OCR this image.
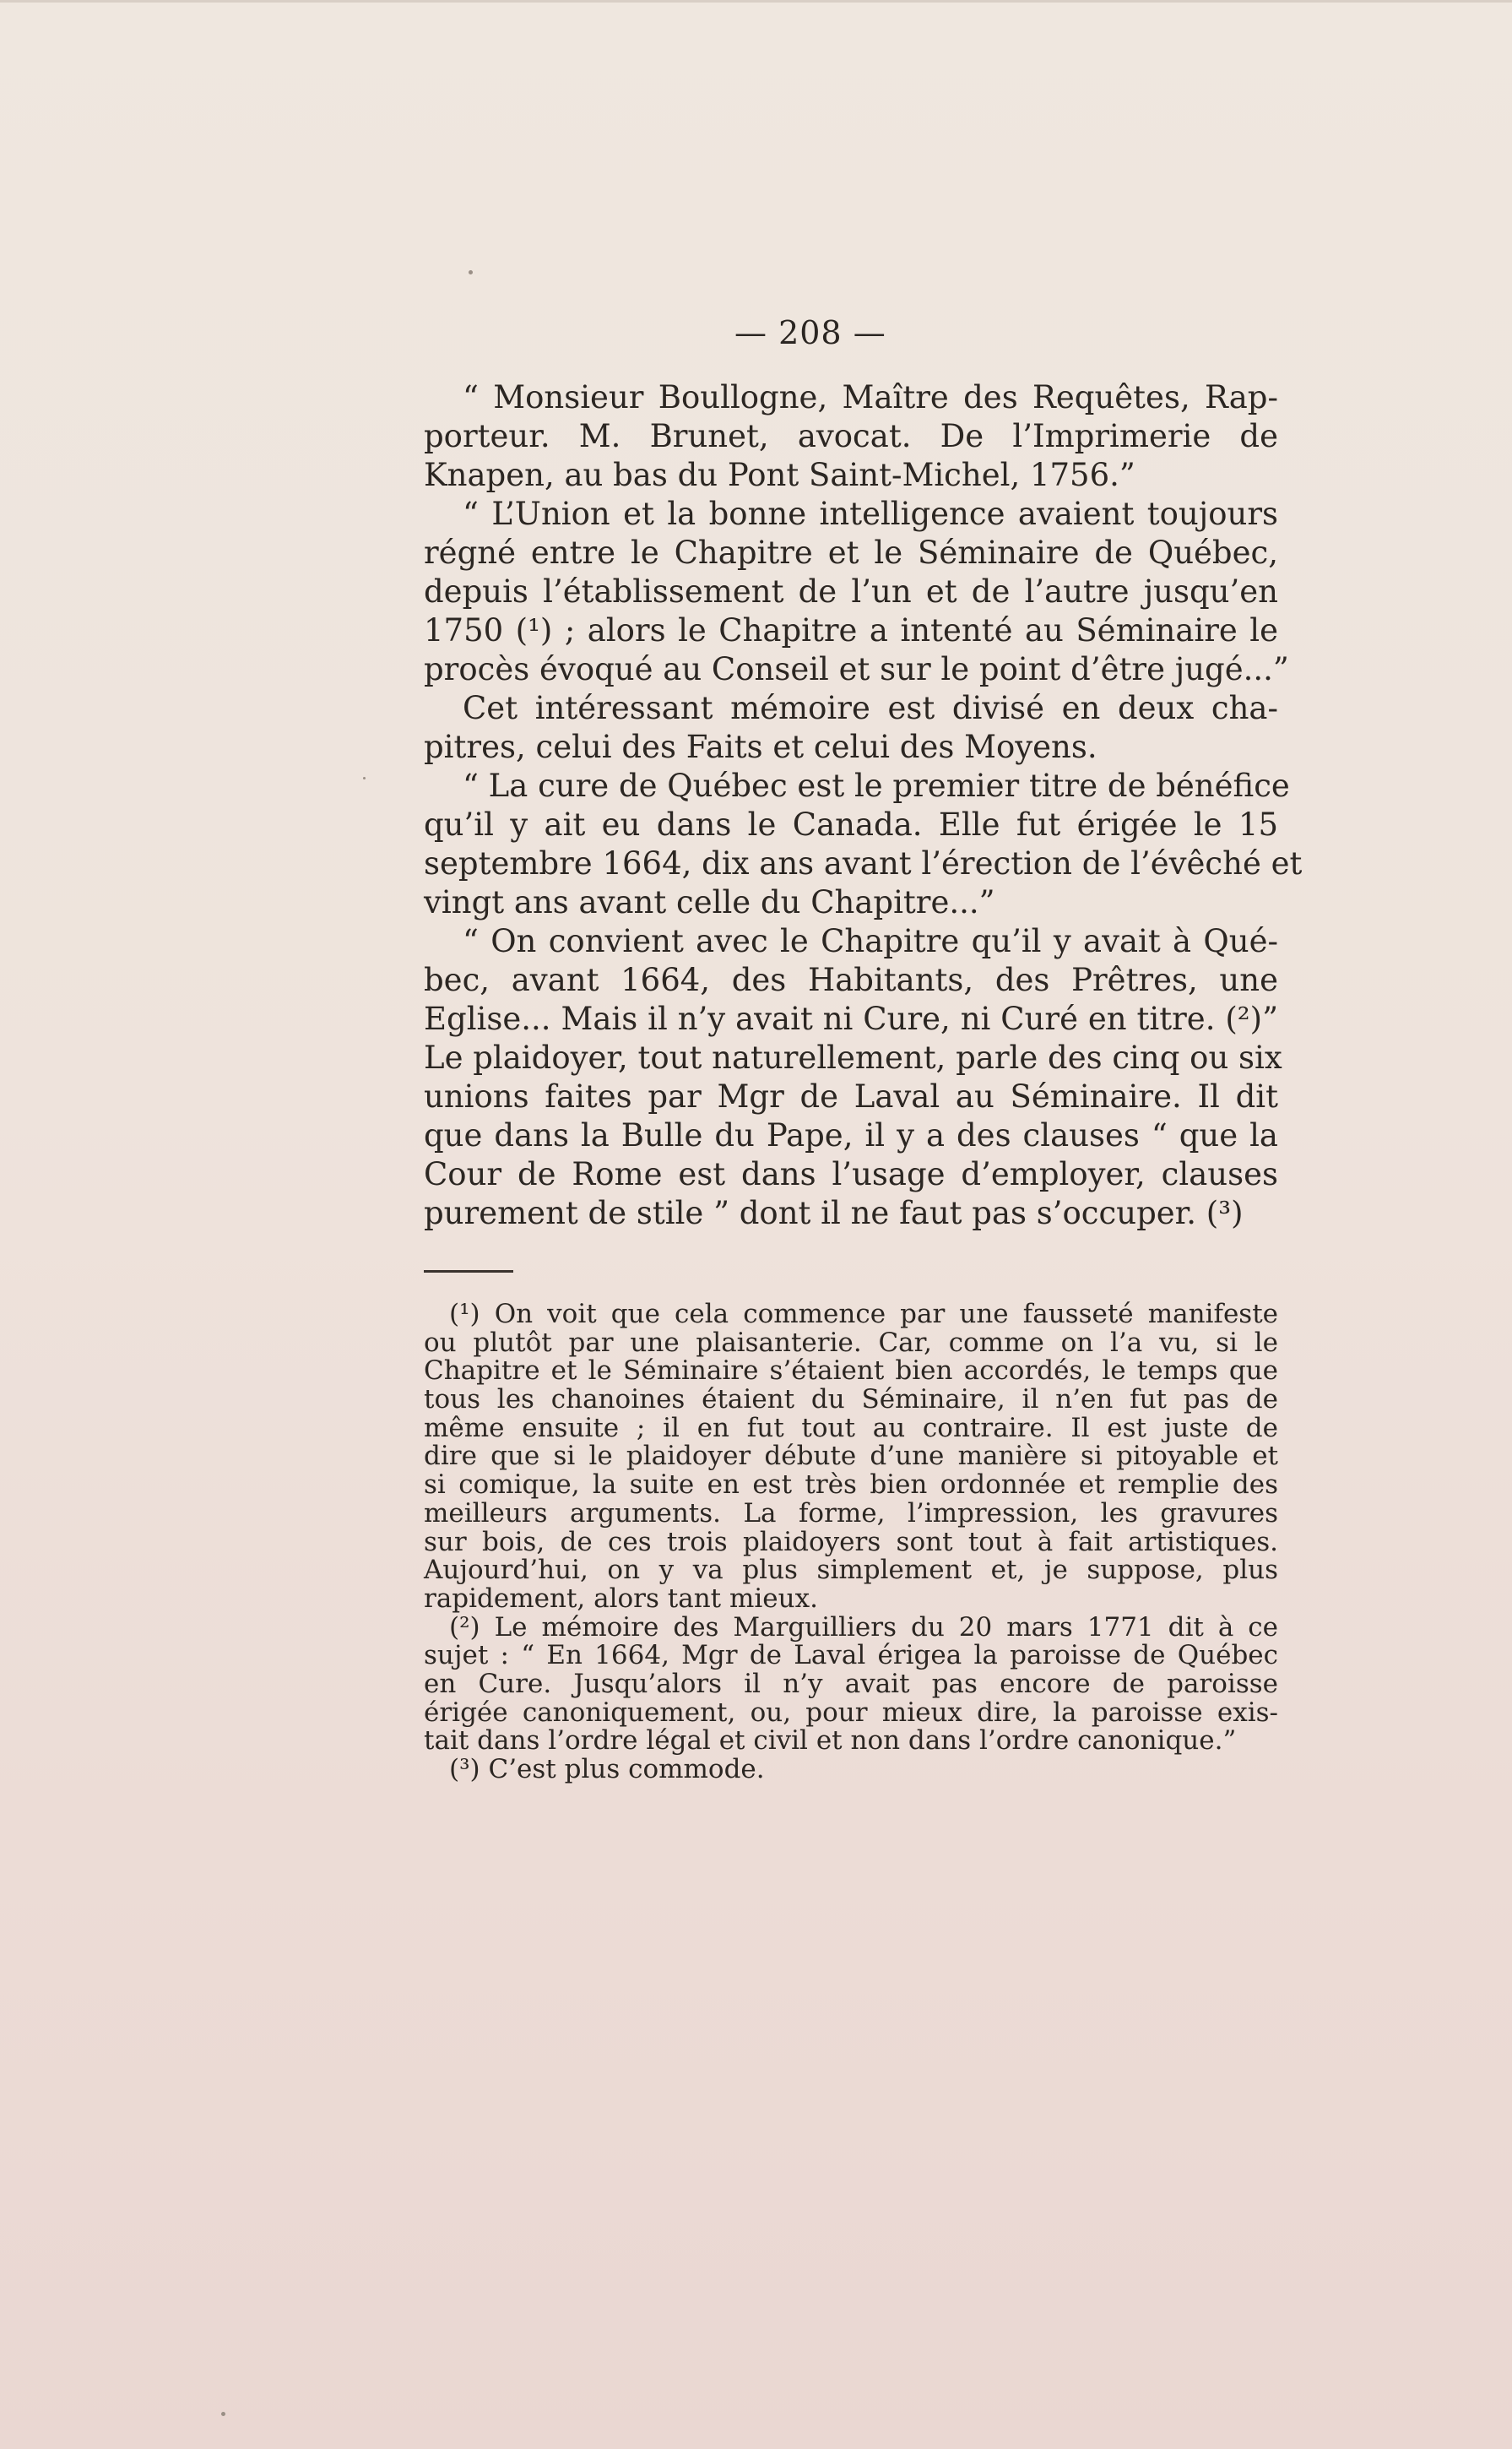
— 208 —
“ Monsieur Boullogne, Maître des Requêtes, Rap-
porteur. M. Brunet, avocat. De l’Imprimerie de
Knapen, au bas du Pont Saint-Michel, 1756.”
“ L’Union et la bonne intelligence avaient toujours
régné entre le Chapitre et le Séminaire de Québec,
depuis l’établissement de l’un et de l’autre jusqu’en
1750 (¹) ; alors le Chapitre a intenté au Séminaire le
procès évoqué au Conseil et sur le point d’être jugé...”
Cet intéressant mémoire est divisé en deux cha-
pitres, celui des Faits et celui des Moyens.
“ La cure de Québec est le premier titre de bénéfice
qu’il y ait eu dans le Canada. Elle fut érigée le 15
septembre 1664, dix ans avant l’érection de l’évêché et
vingt ans avant celle du Chapitre...”
“ On convient avec le Chapitre qu’il y avait à Qué-
bec, avant 1664, des Habitants, des Prêtres, une
Eglise... Mais il n’y avait ni Cure, ni Curé en titre. (²)”
Le plaidoyer, tout naturellement, parle des cinq ou six
unions faites par Mgr de Laval au Séminaire. Il dit
que dans la Bulle du Pape, il y a des clauses “ que la
Cour de Rome est dans l’usage d’employer, clauses
purement de stile ” dont il ne faut pas s’occuper. (³)
(¹) On voit que cela commence par une fausseté manifeste
ou plutôt par une plaisanterie. Car, comme on l’a vu, si le
Chapitre et le Séminaire s’étaient bien accordés, le temps que
tous les chanoines étaient du Séminaire, il n’en fut pas de
même ensuite ; il en fut tout au contraire. Il est juste de
dire que si le plaidoyer débute d’une manière si pitoyable et
si comique, la suite en est très bien ordonnée et remplie des
meilleurs arguments. La forme, l’impression, les gravures
sur bois, de ces trois plaidoyers sont tout à fait artistiques.
Aujourd’hui, on y va plus simplement et, je suppose, plus
rapidement, alors tant mieux.
(²) Le mémoire des Marguilliers du 20 mars 1771 dit à ce
sujet : “ En 1664, Mgr de Laval érigea la paroisse de Québec
en Cure. Jusqu’alors il n’y avait pas encore de paroisse
érigée canoniquement, ou, pour mieux dire, la paroisse exis-
tait dans l’ordre légal et civil et non dans l’ordre canonique.”
(³) C’est plus commode.
